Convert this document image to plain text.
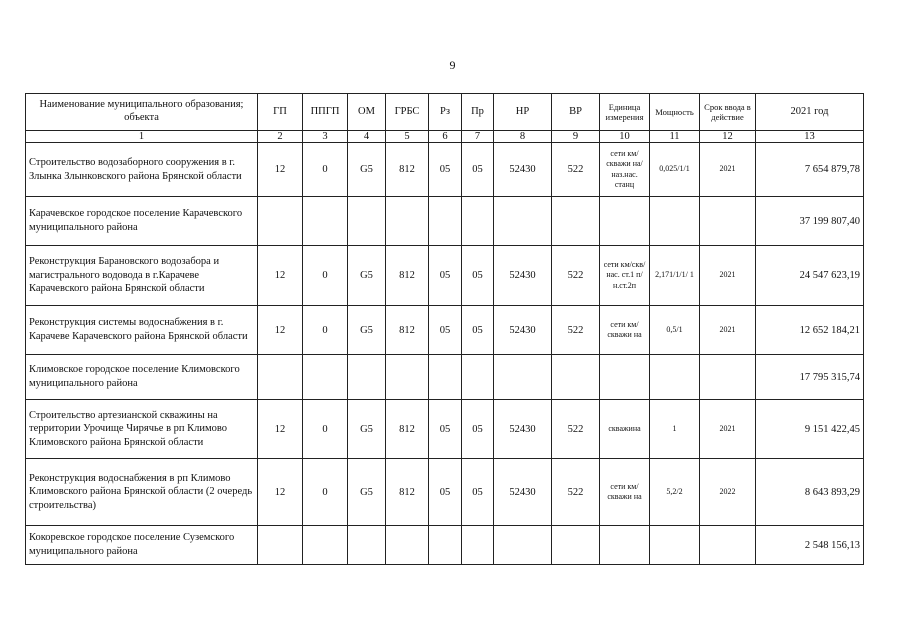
9
Наименование муниципального образования; объекта	ГП	ППГП	ОМ	ГРБС	Рз	Пр	НР	ВР	Единица измерения	Мощность	Срок ввода в действие	2021 год
1	2	3	4	5	6	7	8	9	10	11	12	13
Строительство водозаборного сооружения в г. Злынка Злынковского района Брянской области	12	0	G5	812	05	05	52430	522	сети км/скважи на/наз.нас. станц	0,025/1/1	2021	7 654 879,78
Карачевское городское поселение Карачевского муниципального района												37 199 807,40
Реконструкция Барановского водозабора и магистрального водовода в г.Карачеве Карачевского района Брянской области	12	0	G5	812	05	05	52430	522	сети км/скв/нас. ст.1 п/н.ст.2п	2,171/1/1/ 1	2021	24 547 623,19
Реконструкция системы водоснабжения в г. Карачеве Карачевского района Брянской области	12	0	G5	812	05	05	52430	522	сети км/скважи на	0,5/1	2021	12 652 184,21
Климовское городское поселение Климовского муниципального района												17 795 315,74
Строительство артезианской скважины на территории Урочище Чирячье в рп Климово Климовского района Брянской области	12	0	G5	812	05	05	52430	522	скважина	1	2021	9 151 422,45
Реконструкция водоснабжения в рп Климово Климовского района Брянской области (2 очередь строительства)	12	0	G5	812	05	05	52430	522	сети км/скважи на	5,2/2	2022	8 643 893,29
Кокоревское городское поселение Суземского муниципального района												2 548 156,13
